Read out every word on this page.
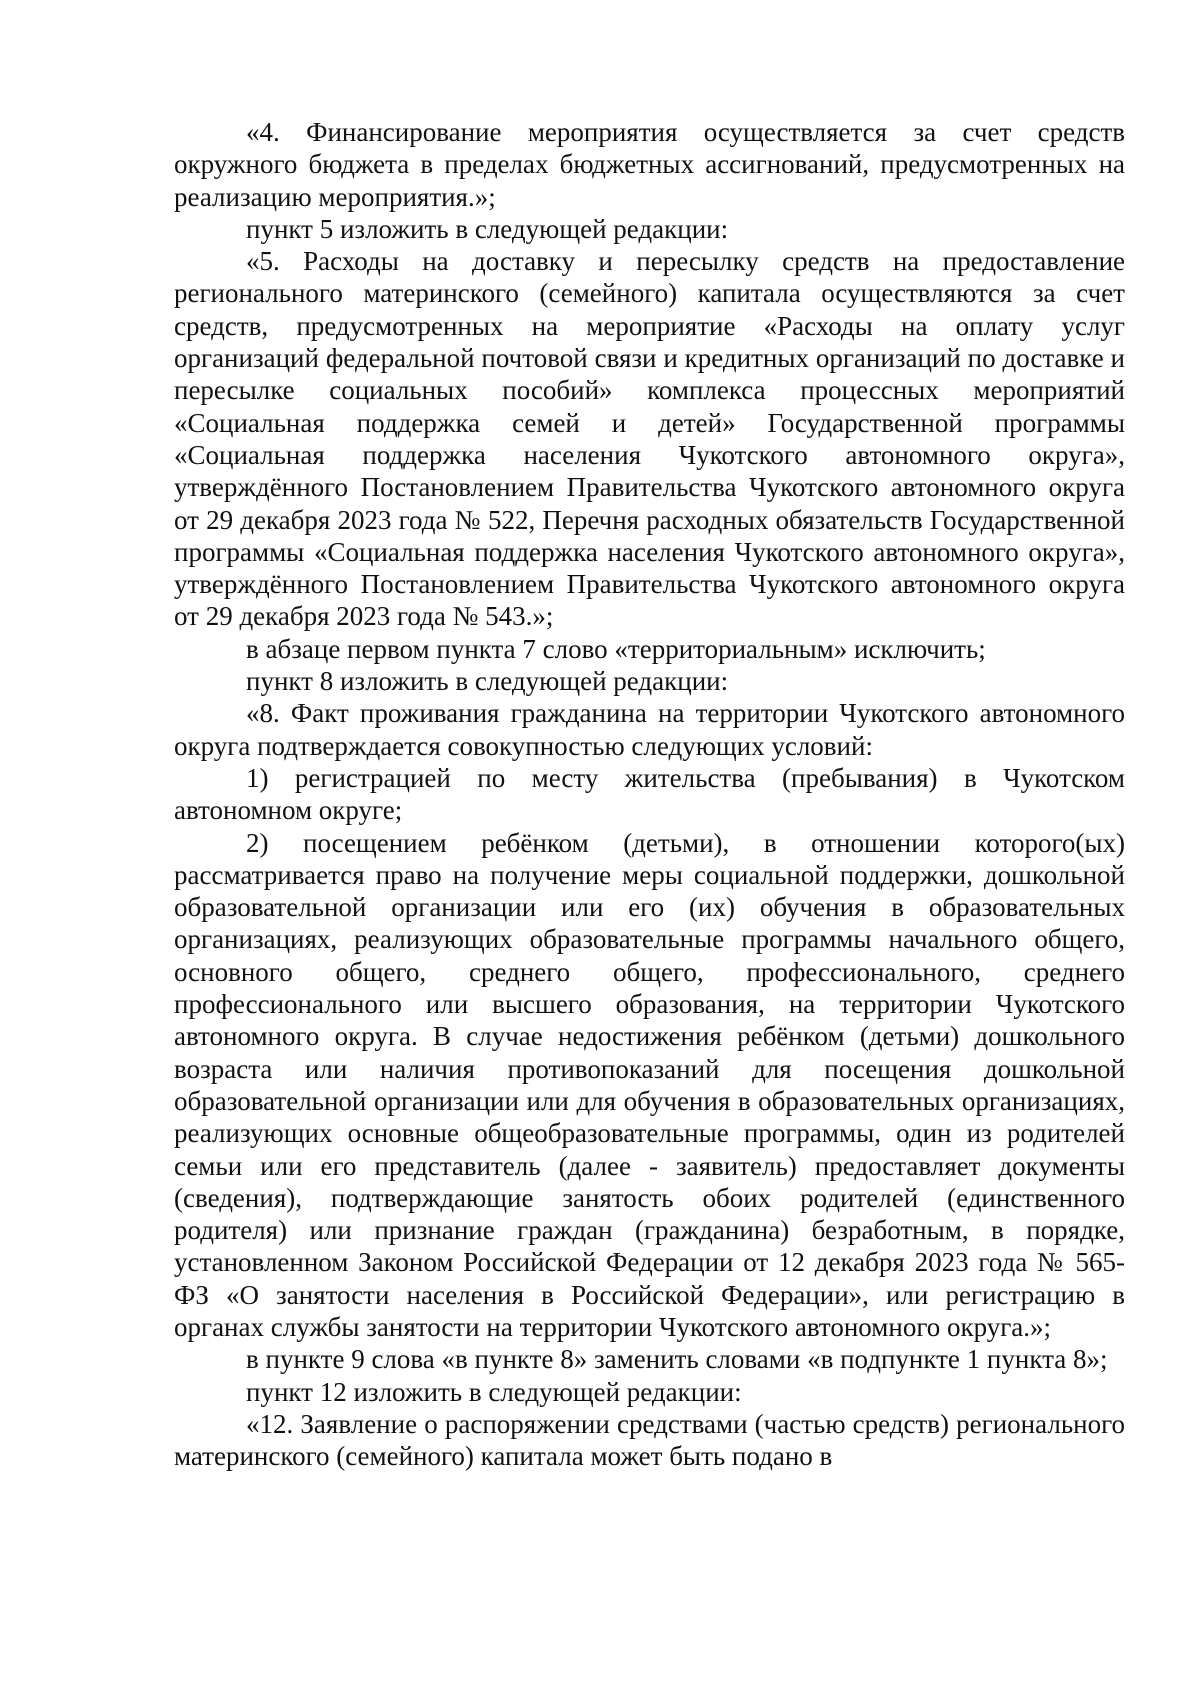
«4. Финансирование мероприятия осуществляется за счет средств окружного бюджета в пределах бюджетных ассигнований, предусмотренных на реализацию мероприятия.»;

пункт 5 изложить в следующей редакции:

«5. Расходы на доставку и пересылку средств на предоставление регионального материнского (семейного) капитала осуществляются за счет средств, предусмотренных на мероприятие «Расходы на оплату услуг организаций федеральной почтовой связи и кредитных организаций по доставке и пересылке социальных пособий» комплекса процессных мероприятий «Социальная поддержка семей и детей» Государственной программы «Социальная поддержка населения Чукотского автономного округа», утверждённого Постановлением Правительства Чукотского автономного округа от 29 декабря 2023 года № 522, Перечня расходных обязательств Государственной программы «Социальная поддержка населения Чукотского автономного округа», утверждённого Постановлением Правительства Чукотского автономного округа от 29 декабря 2023 года № 543.»;

в абзаце первом пункта 7 слово «территориальным» исключить;

пункт 8 изложить в следующей редакции:

«8. Факт проживания гражданина на территории Чукотского автономного округа подтверждается совокупностью следующих условий:

1) регистрацией по месту жительства (пребывания) в Чукотском автономном округе;

2) посещением ребёнком (детьми), в отношении которого(ых) рассматривается право на получение меры социальной поддержки, дошкольной образовательной организации или его (их) обучения в образовательных организациях, реализующих образовательные программы начального общего, основного общего, среднего общего, профессионального, среднего профессионального или высшего образования, на территории Чукотского автономного округа. В случае недостижения ребёнком (детьми) дошкольного возраста или наличия противопоказаний для посещения дошкольной образовательной организации или для обучения в образовательных организациях, реализующих основные общеобразовательные программы, один из родителей семьи или его представитель (далее - заявитель) предоставляет документы (сведения), подтверждающие занятость обоих родителей (единственного родителя) или признание граждан (гражданина) безработным, в порядке, установленном Законом Российской Федерации от 12 декабря 2023 года № 565-ФЗ «О занятости населения в Российской Федерации», или регистрацию в органах службы занятости на территории Чукотского автономного округа.»;

в пункте 9 слова «в пункте 8» заменить словами «в подпункте 1 пункта 8»;

пункт 12 изложить в следующей редакции:

«12. Заявление о распоряжении средствами (частью средств) регионального материнского (семейного) капитала может быть подано в
